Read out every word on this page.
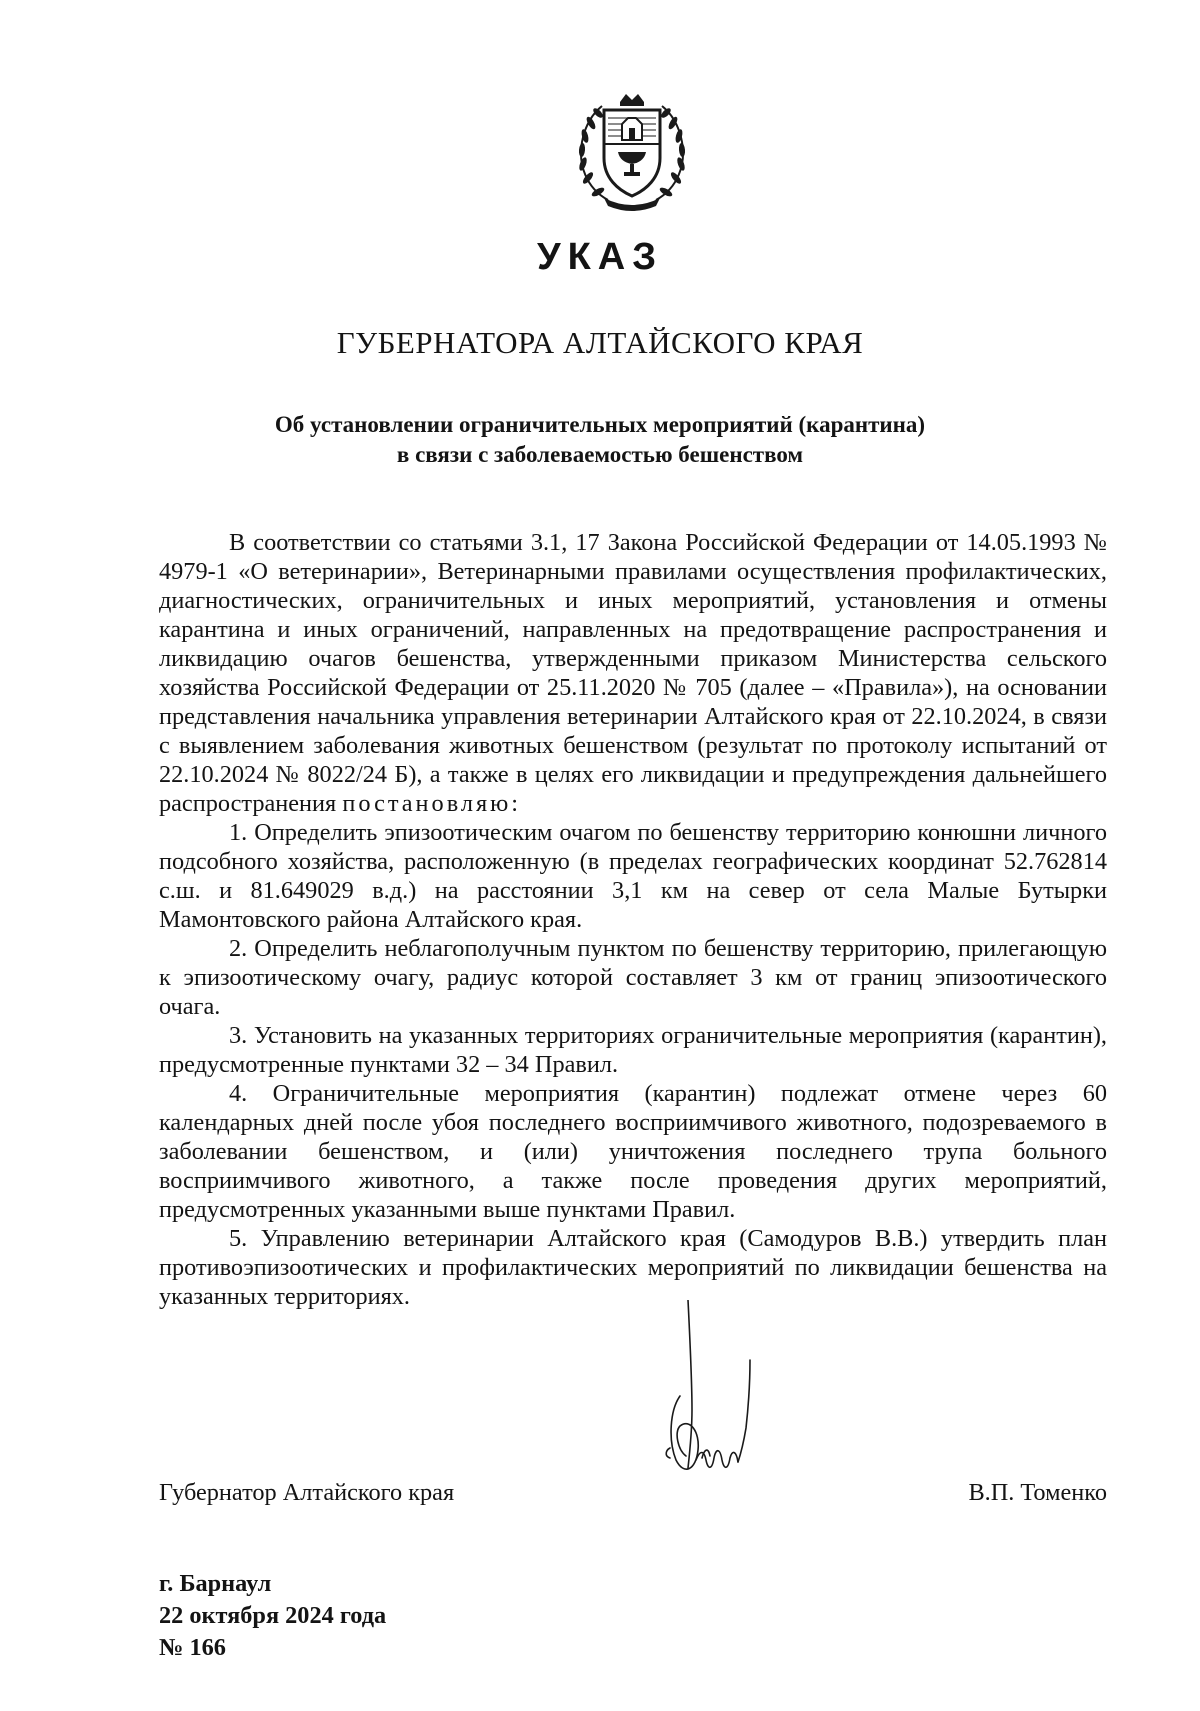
УКАЗ
ГУБЕРНАТОРА АЛТАЙСКОГО КРАЯ
Об установлении ограничительных мероприятий (карантина)
в связи с заболеваемостью бешенством

В соответствии со статьями 3.1, 17 Закона Российской Федерации от 14.05.1993 № 4979-1 «О ветеринарии», Ветеринарными правилами осуществления профилактических, диагностических, ограничительных и иных мероприятий, установления и отмены карантина и иных ограничений, направленных на предотвращение распространения и ликвидацию очагов бешенства, утвержденными приказом Министерства сельского хозяйства Российской Федерации от 25.11.2020 № 705 (далее – «Правила»), на основании представления начальника управления ветеринарии Алтайского края от 22.10.2024, в связи с выявлением заболевания животных бешенством (результат по протоколу испытаний от 22.10.2024 № 8022/24 Б), а также в целях его ликвидации и предупреждения дальнейшего распространения постановляю:

1. Определить эпизоотическим очагом по бешенству территорию конюшни личного подсобного хозяйства, расположенную (в пределах географических координат 52.762814 с.ш. и 81.649029 в.д.) на расстоянии 3,1 км на север от села Малые Бутырки Мамонтовского района Алтайского края.

2. Определить неблагополучным пунктом по бешенству территорию, прилегающую к эпизоотическому очагу, радиус которой составляет 3 км от границ эпизоотического очага.

3. Установить на указанных территориях ограничительные мероприятия (карантин), предусмотренные пунктами 32 – 34 Правил.

4. Ограничительные мероприятия (карантин) подлежат отмене через 60 календарных дней после убоя последнего восприимчивого животного, подозреваемого в заболевании бешенством, и (или) уничтожения последнего трупа больного восприимчивого животного, а также после проведения других мероприятий, предусмотренных указанными выше пунктами Правил.

5. Управлению ветеринарии Алтайского края (Самодуров В.В.) утвердить план противоэпизоотических и профилактических мероприятий по ликвидации бешенства на указанных территориях.

Губернатор Алтайского края	В.П. Томенко
г. Барнаул
22 октября 2024 года
№ 166
